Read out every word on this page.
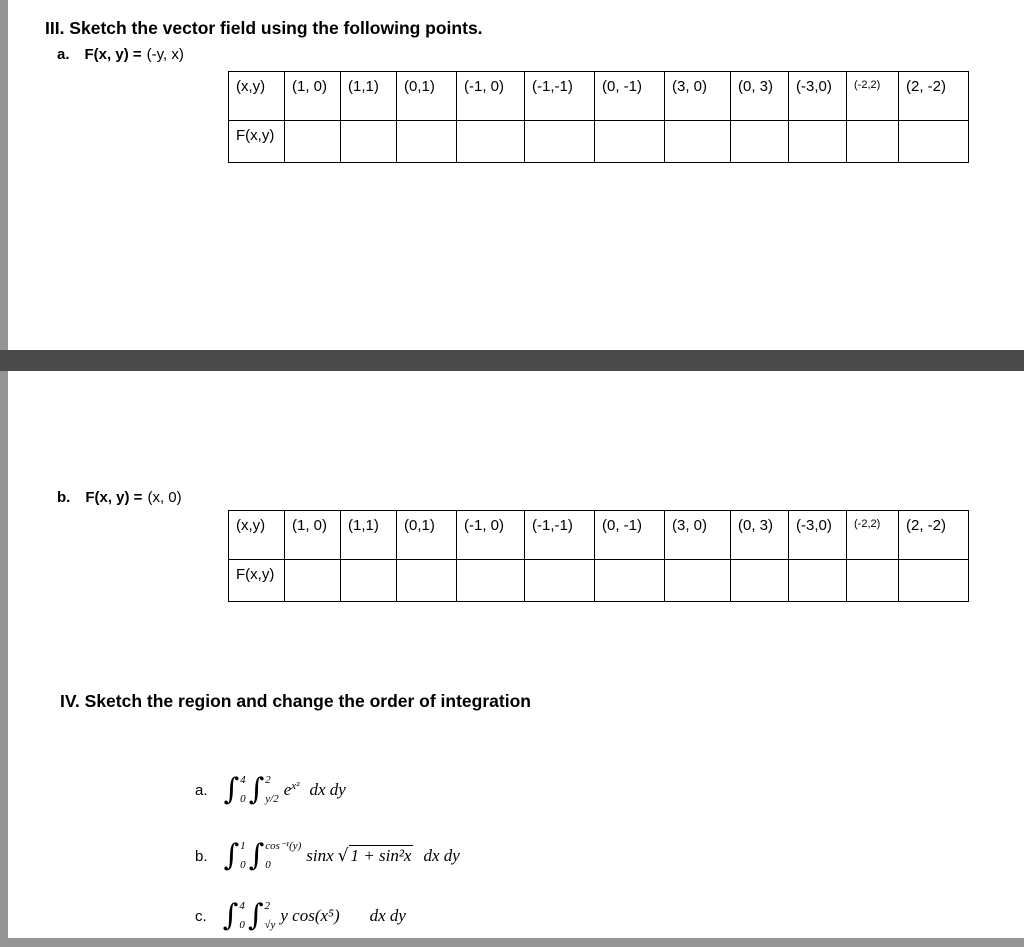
III. Sketch the vector field using the following points.
a. F(x, y) = (-y, x)
(x,y)	(1, 0)	(1,1)	(0,1)	(-1, 0)	(-1,-1)	(0, -1)	(3, 0)	(0, 3)	(-3,0)	(-2,2)	(2, -2)
F(x,y)											
b. F(x, y) = (x, 0)
(x,y)	(1, 0)	(1,1)	(0,1)	(-1, 0)	(-1,-1)	(0, -1)	(3, 0)	(0, 3)	(-3,0)	(-2,2)	(2, -2)
F(x,y)											
IV. Sketch the region and change the order of integration
a. ∫ 4
0 ∫ 2
y/2 $e^{x^2}$ dx dy
b. ∫ 1
0 ∫ cos⁻¹(y)
0	sinx √ 1 + sin²x dx dy
c. ∫ 4
0 ∫ 2
√y y cos(x⁵) dx dy
